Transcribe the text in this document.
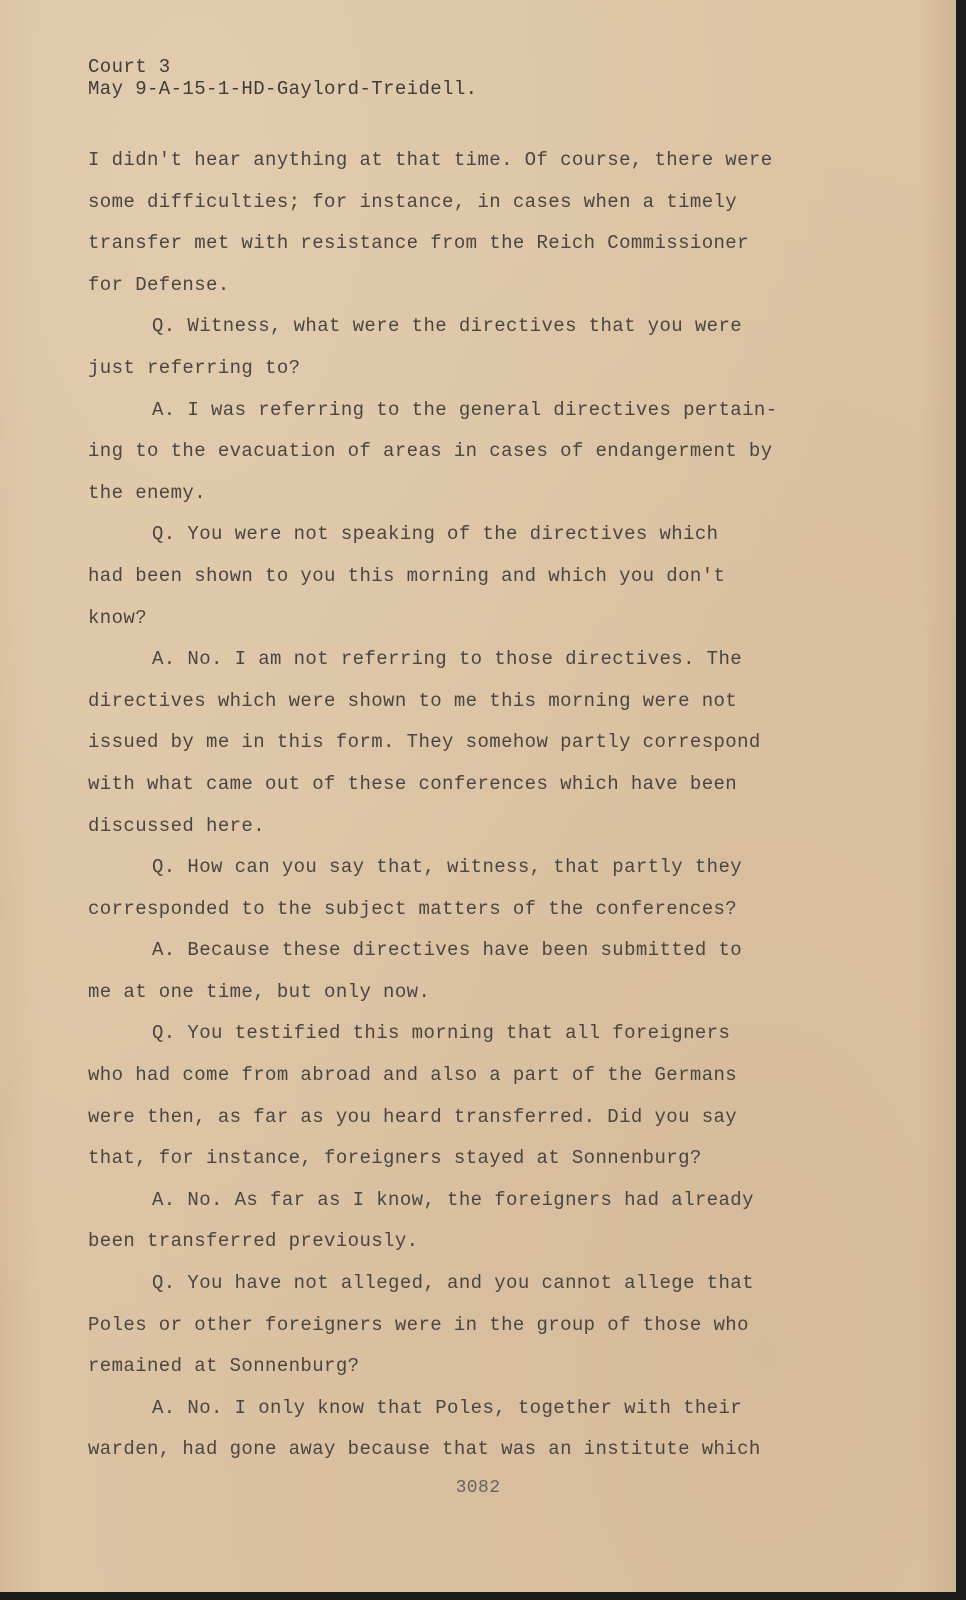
Court 3
May 9-A-15-1-HD-Gaylord-Treidell.
I didn't hear anything at that time. Of course, there were
some difficulties; for instance, in cases when a timely
transfer met with resistance from the Reich Commissioner
for Defense.
Q. Witness, what were the directives that you were
just referring to?
A. I was referring to the general directives pertain-
ing to the evacuation of areas in cases of endangerment by
the enemy.
Q. You were not speaking of the directives which
had been shown to you this morning and which you don't
know?
A. No. I am not referring to those directives. The
directives which were shown to me this morning were not
issued by me in this form. They somehow partly correspond
with what came out of these conferences which have been
discussed here.
Q. How can you say that, witness, that partly they
corresponded to the subject matters of the conferences?
A. Because these directives have been submitted to
me at one time, but only now.
Q. You testified this morning that all foreigners
who had come from abroad and also a part of the Germans
were then, as far as you heard transferred. Did you say
that, for instance, foreigners stayed at Sonnenburg?
A. No. As far as I know, the foreigners had already
been transferred previously.
Q. You have not alleged, and you cannot allege that
Poles or other foreigners were in the group of those who
remained at Sonnenburg?
A. No. I only know that Poles, together with their
warden, had gone away because that was an institute which
3082
